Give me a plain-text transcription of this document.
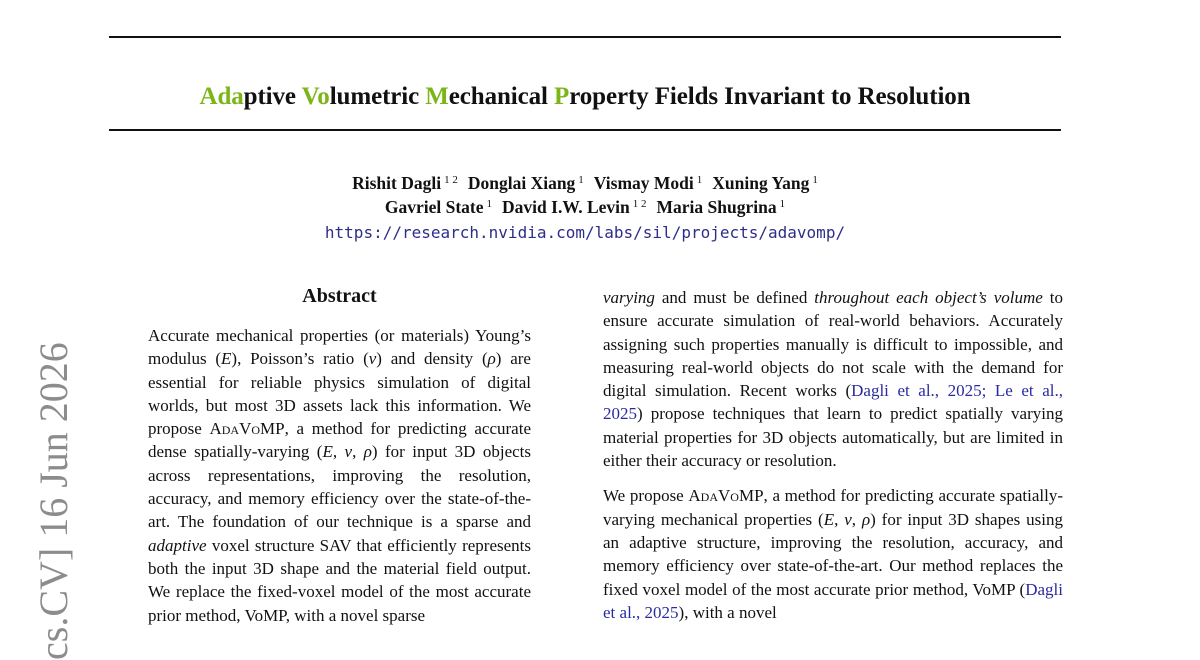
Adaptive Volumetric Mechanical Property Fields Invariant to Resolution
Rishit Dagli $^{1 2}$ Donglai Xiang $^1$ Vismay Modi $^1$ Xuning Yang $^1$
Gavriel State $^1$ David I.W. Levin $^{1 2}$ Maria Shugrina $^1$
https://research.nvidia.com/labs/sil/projects/adavomp/
cs.CV] 16 Jun 2026
Abstract
Accurate mechanical properties (or materials) Young’s modulus (E), Poisson’s ratio (ν) and density (ρ) are essential for reliable physics simulation of digital worlds, but most 3D assets lack this information. We propose AdaVoMP, a method for predicting accurate dense spatially-varying (E, ν, ρ) for input 3D objects across representations, improving the resolution, accuracy, and memory efficiency over the state-of-the-art. The foundation of our technique is a sparse and adaptive voxel structure SAV that efficiently represents both the input 3D shape and the material field output. We replace the fixed-voxel model of the most accurate prior method, VoMP, with a novel sparse

varying and must be defined throughout each object’s volume to ensure accurate simulation of real-world behaviors. Accurately assigning such properties manually is difficult to impossible, and measuring real-world objects do not scale with the demand for digital simulation. Recent works (Dagli et al., 2025; Le et al., 2025) propose techniques that learn to predict spatially varying material properties for 3D objects automatically, but are limited in either their accuracy or resolution.

We propose AdaVoMP, a method for predicting accurate spatially-varying mechanical properties (E, ν, ρ) for input 3D shapes using an adaptive structure, improving the resolution, accuracy, and memory efficiency over state-of-the-art. Our method replaces the fixed voxel model of the most accurate prior method, VoMP (Dagli et al., 2025), with a novel
